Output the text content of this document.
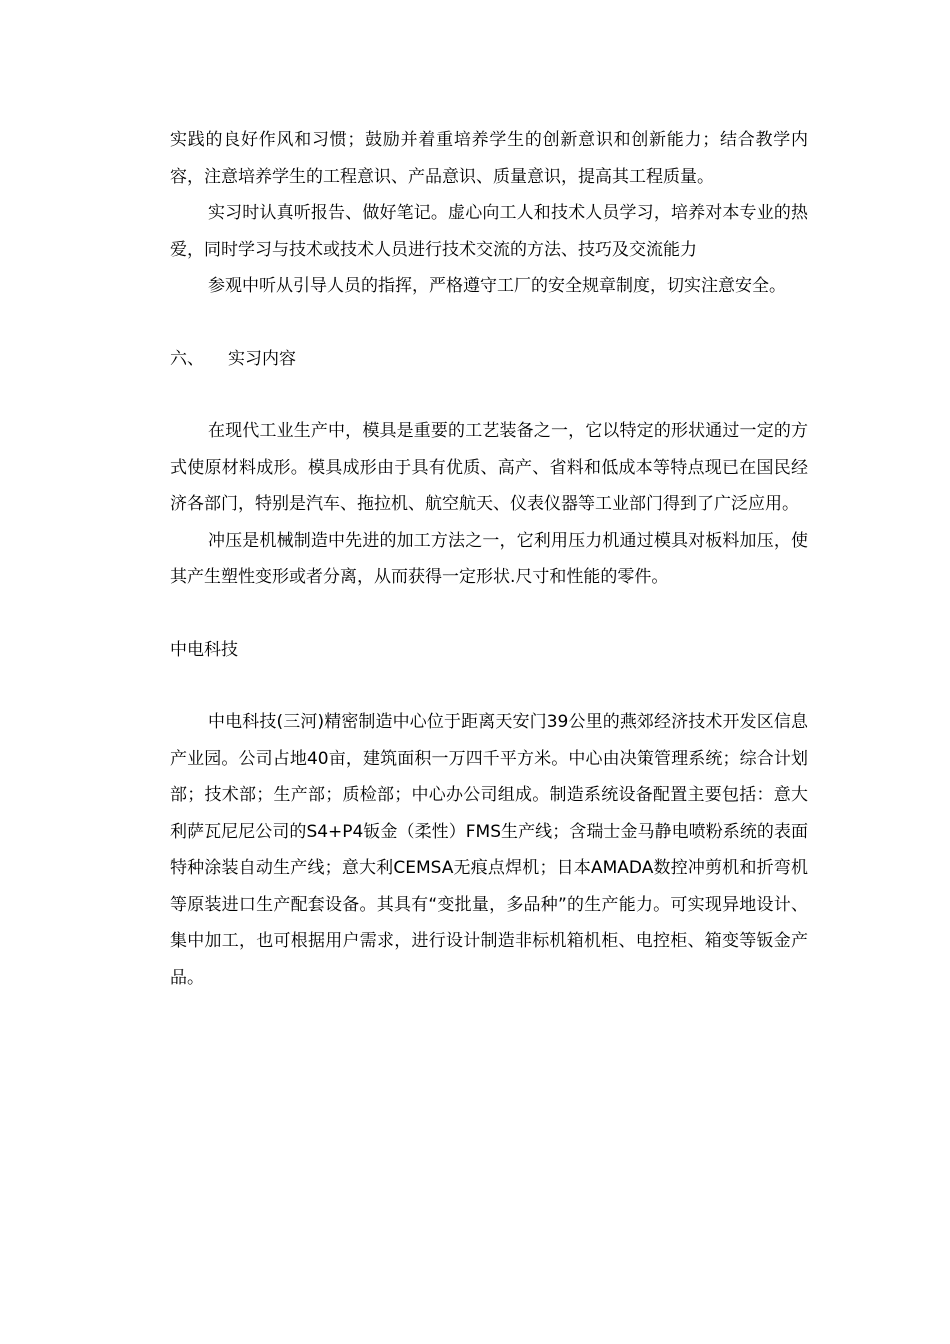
实践的良好作风和习惯；鼓励并着重培养学生的创新意识和创新能力；结合教学内容，注意培养学生的工程意识、产品意识、质量意识，提高其工程质量。

实习时认真听报告、做好笔记。虚心向工人和技术人员学习，培养对本专业的热爱，同时学习与技术或技术人员进行技术交流的方法、技巧及交流能力

参观中听从引导人员的指挥，严格遵守工厂的安全规章制度，切实注意安全。

六、 实习内容

在现代工业生产中，模具是重要的工艺装备之一，它以特定的形状通过一定的方式使原材料成形。模具成形由于具有优质、高产、省料和低成本等特点现已在国民经济各部门，特别是汽车、拖拉机、航空航天、仪表仪器等工业部门得到了广泛应用。

冲压是机械制造中先进的加工方法之一，它利用压力机通过模具对板料加压，使其产生塑性变形或者分离，从而获得一定形状.尺寸和性能的零件。

中电科技

中电科技(三河)精密制造中心位于距离天安门39公里的燕郊经济技术开发区信息产业园。公司占地40亩，建筑面积一万四千平方米。中心由决策管理系统；综合计划部；技术部；生产部；质检部；中心办公司组成。制造系统设备配置主要包括：意大利萨瓦尼尼公司的S4+P4钣金（柔性）FMS生产线；含瑞士金马静电喷粉系统的表面特种涂装自动生产线；意大利CEMSA无痕点焊机；日本AMADA数控冲剪机和折弯机等原装进口生产配套设备。其具有“变批量，多品种”的生产能力。可实现异地设计、集中加工，也可根据用户需求，进行设计制造非标机箱机柜、电控柜、箱变等钣金产品。
